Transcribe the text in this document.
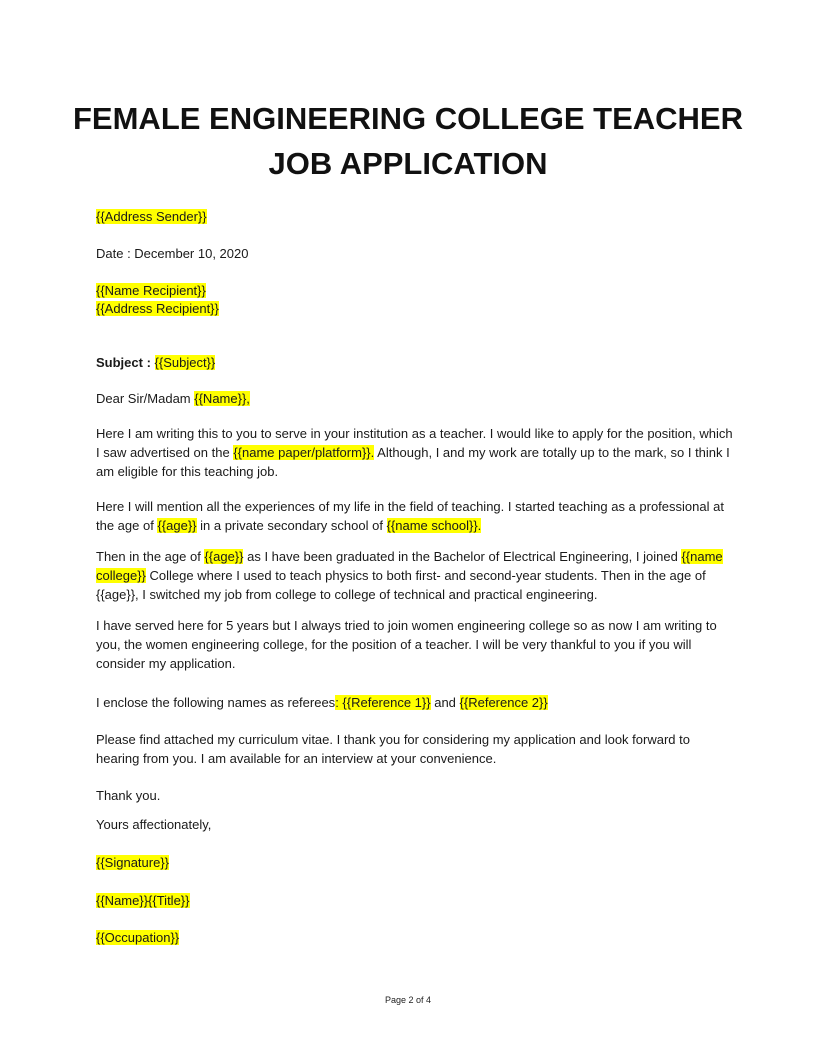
FEMALE ENGINEERING COLLEGE TEACHER
JOB APPLICATION
{{Address Sender}}
Date : December 10, 2020
{{Name Recipient}}
{{Address Recipient}}
Subject : {{Subject}}
Dear Sir/Madam {{Name}},
Here I am writing this to you to serve in your institution as a teacher. I would like to apply for the position, which I saw advertised on the {{name paper/platform}}. Although, I and my work are totally up to the mark, so I think I am eligible for this teaching job.
Here I will mention all the experiences of my life in the field of teaching. I started teaching as a professional at the age of {{age}} in a private secondary school of {{name school}}.
Then in the age of {{age}} as I have been graduated in the Bachelor of Electrical Engineering, I joined {{name college}} College where I used to teach physics to both first- and second-year students. Then in the age of {{age}}, I switched my job from college to college of technical and practical engineering.
I have served here for 5 years but I always tried to join women engineering college so as now I am writing to you, the women engineering college, for the position of a teacher. I will be very thankful to you if you will consider my application.
I enclose the following names as referees: {{Reference 1}} and {{Reference 2}}
Please find attached my curriculum vitae. I thank you for considering my application and look forward to hearing from you. I am available for an interview at your convenience.
Thank you.
Yours affectionately,
{{Signature}}
{{Name}}{{Title}}
{{Occupation}}
Page 2 of 4
